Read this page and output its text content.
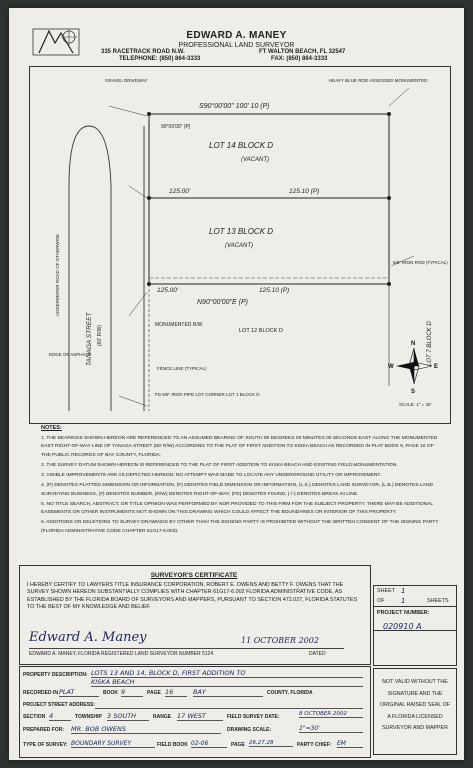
EDWARD A. MANEY
PROFESSIONAL LAND SURVEYOR
335 RACETRACK ROAD N.W.	FT WALTON BEACH, FL 32547
TELEPHONE: (850) 864-3333	FAX: (850) 864-3333
S90°00'00" 100' 10 (P)
LOT 14 BLOCK D
(VACANT)
125.00'	125.10 (P)
LOT 13 BLOCK D
(VACANT)
125.00'	125.10 (P)
N90°00'00"E (P)
LOT 12 BLOCK D
90°00'00" (P)
MONUMENTED R/W
FENCE LINE (TYPICAL)
FD 5/8" IRON PIPE LOT CORNER LOT 1 BLOCK D
HEAVY BLUE ROD ASSESSED MONUMENTED
5/8" IRON ROD (TYPICAL)
GRAVEL DRIVEWAY
EDGE OF ASPHALT
TANAGA STREET (60' R/W)
UNDERWATER ROAD OF OTHERWISE
LOT 7 BLOCK D
N
S
W	E
SCALE: 1" = 30'
NOTES:

1. THE BEARINGS SHOWN HEREON ARE REFERENCED TO AN ASSUMED BEARING OF SOUTH 00 DEGREES 00 MINUTES 00 SECONDS EAST ALONG THE MONUMENTED EAST RIGHT-OF-WAY LINE OF TANAGA STREET (60' R/W) ACCORDING TO THE PLAT OF FIRST ADDITION TO KISKA BEACH AS RECORDED IN PLAT BOOK 9, PAGE 16 OF THE PUBLIC RECORDS OF BAY COUNTY, FLORIDA.

2. THE SURVEY DATUM SHOWN HEREON IS REFERENCED TO THE PLAT OF FIRST ADDITION TO KISKA BEACH AND EXISTING FIELD MONUMENTATION.

3. VISIBLE IMPROVEMENTS ARE AS DEPICTED HEREON: NO ATTEMPT WAS MADE TO LOCATE ANY UNDERGROUND UTILITY OR IMPROVEMENT.

4. (P) DENOTES PLATTED DIMENSION OR INFORMATION, (F) DENOTES FIELD DIMENSION OR INFORMATION, (L.S.) DENOTES LAND SURVEYOR, (L.B.) DENOTES LAND SURVEYING BUSINESS, (#) DENOTES NUMBER, (R/W) DENOTES RIGHT-OF-WAY, (FD) DENOTES FOUND, (-/-) DENOTES BREAK IN LINE.

5. NO TITLE SEARCH, ABSTRACT, OR TITLE OPINION WAS PERFORMED BY NOR PROVIDED TO THIS FIRM FOR THE SUBJECT PROPERTY. THERE MAY BE ADDITIONAL EASEMENTS OR OTHER INSTRUMENTS NOT SHOWN ON THIS DRAWING WHICH COULD AFFECT THE BOUNDARIES OR INTERIOR OF THIS PROPERTY.

6. ADDITIONS OR DELETIONS TO SURVEY DRAWINGS BY OTHER THAN THE SIGNING PARTY IS PROHIBITED WITHOUT THE WRITTEN CONSENT OF THE SIGNING PARTY (FLORIDA ADMINISTRATIVE CODE CHAPTER 61G17-6.003).

SURVEYOR'S CERTIFICATE
I HEREBY CERTIFY TO LAWYERS TITLE INSURANCE CORPORATION, ROBERT E. OWENS AND BETTY F. OWENS THAT THE SURVEY SHOWN HEREON SUBSTANTIALLY COMPLIES WITH CHAPTER 61G17-6.002 FLORIDA ADMINISTRATIVE CODE, AS ESTABLISHED BY THE FLORIDA BOARD OF SURVEYORS AND MAPPERS, PURSUANT TO SECTION 472.027, FLORIDA STATUTES TO THE BEST OF MY KNOWLEDGE AND BELIEF.
Edward A. Maney	11 OCTOBER 2002
EDWARD A. MANEY, FLORIDA REGISTERED LAND SURVEYOR NUMBER 5124	DATED
SHEET 1
OF 1	SHEETS
PROJECT NUMBER:
020910 A
PROPERTY DESCRIPTION: LOTS 13 AND 14, BLOCK D, FIRST ADDITION TO
KISKA BEACH
RECORDED IN PLAT	BOOK 9	PAGE 16	BAY	COUNTY, FLORIDA
PROJECT STREET ADDRESS:
SECTION 4	TOWNSHIP 3 SOUTH	RANGE 17 WEST	FIELD SURVEY DATE:	8 OCTOBER 2002
PREPARED FOR: MR. BOB OWENS	DRAWING SCALE:	1"=30'
TYPE OF SURVEY: BOUNDARY SURVEY	FIELD BOOK 02-06	PAGE 26,27,28	PARTY CHIEF: EM
NOT VALID WITHOUT THE
SIGNATURE AND THE
ORIGINAL RAISED SEAL OF
A FLORIDA LICENSED
SURVEYOR AND MAPPER
